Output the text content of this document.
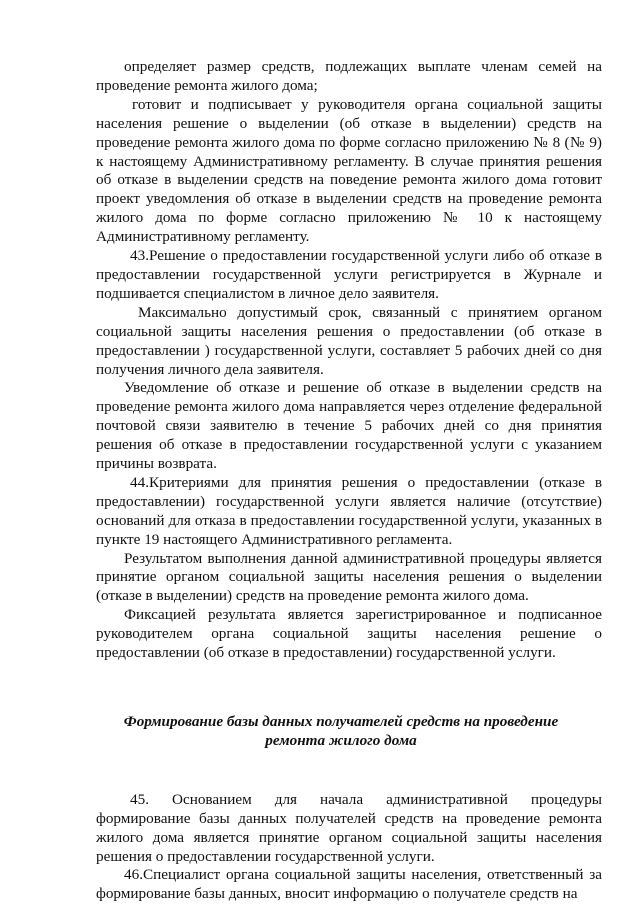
определяет размер средств, подлежащих выплате членам семей на проведение ремонта жилого дома;

готовит и подписывает у руководителя органа социальной защиты населения решение о выделении (об отказе в выделении) средств на проведение ремонта жилого дома по форме согласно приложению № 8 (№ 9) к настоящему Административному регламенту. В случае принятия решения об отказе в выделении средств на поведение ремонта жилого дома готовит проект уведомления об отказе в выделении средств на проведение ремонта жилого дома по форме согласно приложению № 10 к настоящему Административному регламенту.

43.Решение о предоставлении государственной услуги либо об отказе в предоставлении государственной услуги регистрируется в Журнале и подшивается специалистом в личное дело заявителя.

Максимально допустимый срок, связанный с принятием органом социальной защиты населения решения о предоставлении (об отказе в предоставлении ) государственной услуги, составляет 5 рабочих дней со дня получения личного дела заявителя.

Уведомление об отказе и решение об отказе в выделении средств на проведение ремонта жилого дома направляется через отделение федеральной почтовой связи заявителю в течение 5 рабочих дней со дня принятия решения об отказе в предоставлении государственной услуги с указанием причины возврата.

44.Критериями для принятия решения о предоставлении (отказе в предоставлении) государственной услуги является наличие (отсутствие) оснований для отказа в предоставлении государственной услуги, указанных в пункте 19 настоящего Административного регламента.

Результатом выполнения данной административной процедуры является принятие органом социальной защиты населения решения о выделении (отказе в выделении) средств на проведение ремонта жилого дома.

Фиксацией результата является зарегистрированное и подписанное руководителем органа социальной защиты населения решение о предоставлении (об отказе в предоставлении) государственной услуги.

Формирование базы данных получателей средств на проведение ремонта жилого дома

45. Основанием для начала административной процедуры формирование базы данных получателей средств на проведение ремонта жилого дома является принятие органом социальной защиты населения решения о предоставлении государственной услуги.

46.Специалист органа социальной защиты населения, ответственный за формирование базы данных, вносит информацию о получателе средств на
